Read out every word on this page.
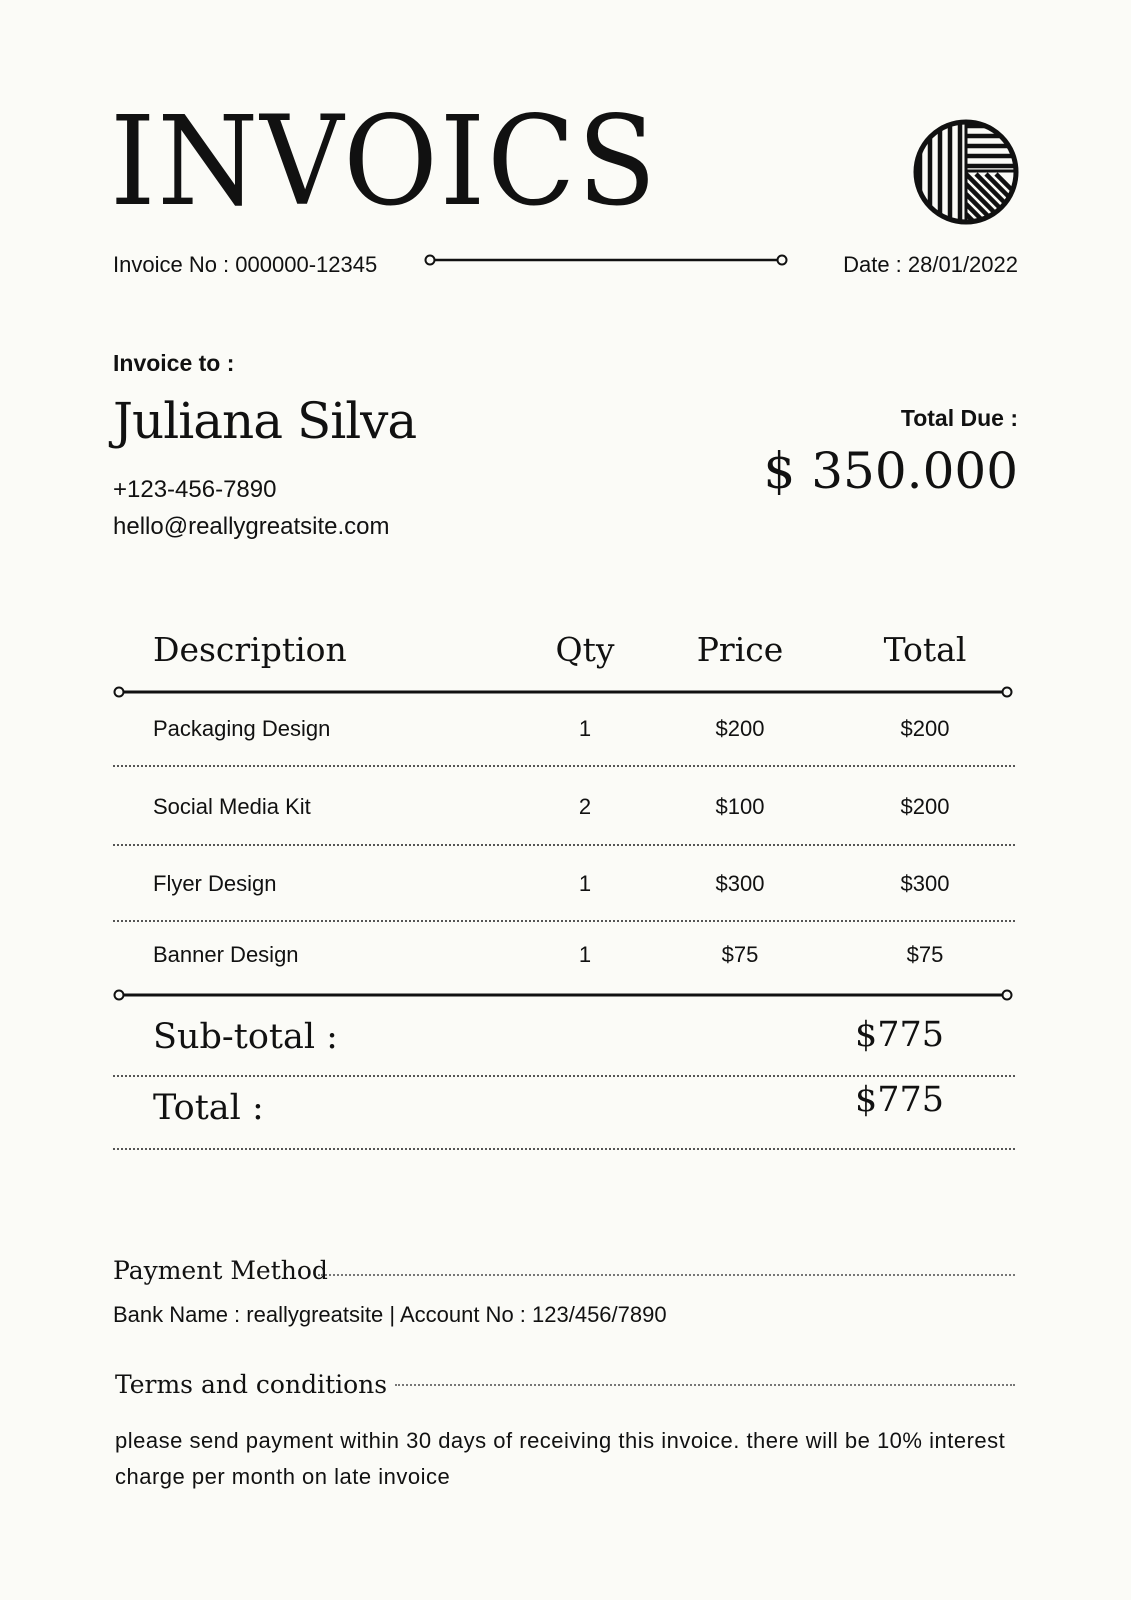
INVOICS
Invoice No : 000000-12345	Date : 28/01/2022
Invoice to :
Juliana Silva
+123-456-7890
hello@reallygreatsite.com
Total Due :
$ 350.000
Description	Qty	Price	Total
Packaging Design	1	$200	$200
Social Media Kit	2	$100	$200
Flyer Design	1	$300	$300
Banner Design	1	$75	$75
Sub-total :	$775
Total :	$775
Payment Method
Bank Name : reallygreatsite | Account No : 123/456/7890
Terms and conditions
please send payment within 30 days of receiving this invoice. there will be 10% interest charge per month on late invoice
